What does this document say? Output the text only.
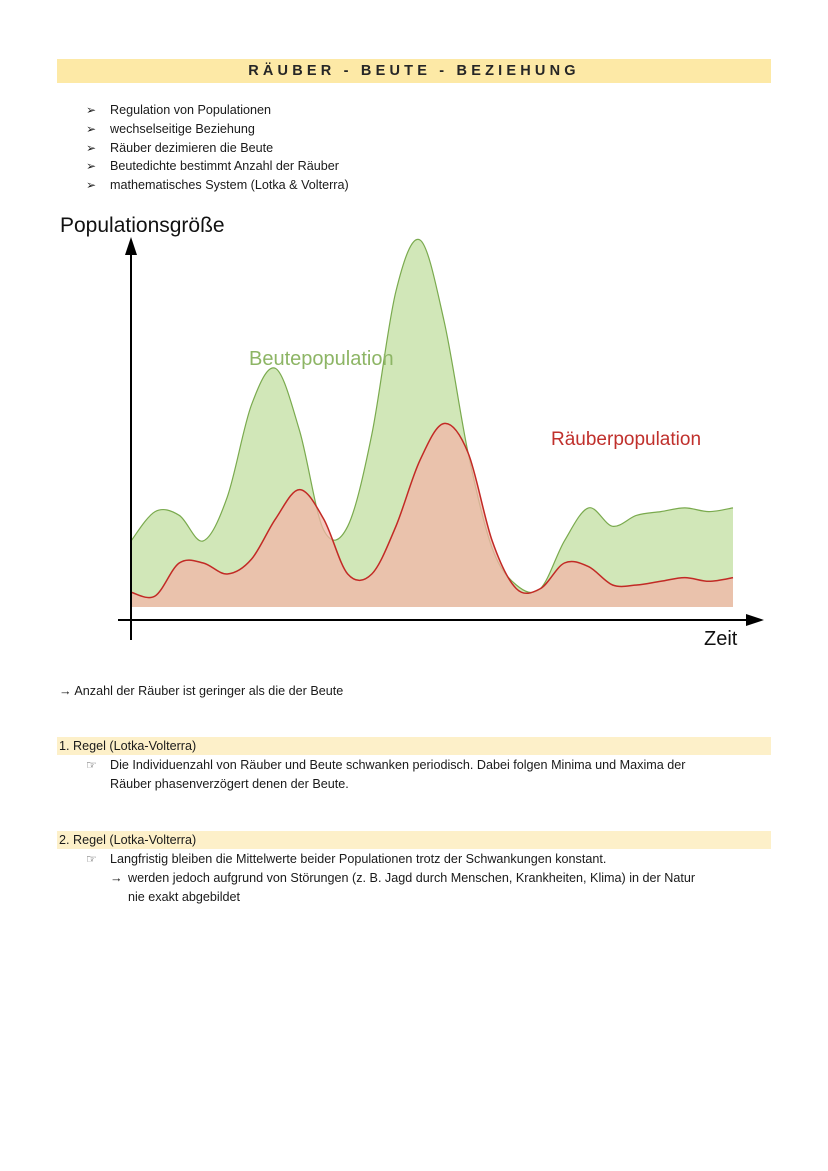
RÄUBER - BEUTE - BEZIEHUNG
➢ Regulation von Populationen
➢ wechselseitige Beziehung
➢ Räuber dezimieren die Beute
➢ Beutedichte bestimmt Anzahl der Räuber
➢ mathematisches System (Lotka & Volterra)
Populationsgröße
Zeit
Beutepopulation
Räuberpopulation
→ Anzahl der Räuber ist geringer als die der Beute
1. Regel (Lotka-Volterra)
☞ Die Individuenzahl von Räuber und Beute schwanken periodisch. Dabei folgen Minima und Maxima der
Räuber phasenverzögert denen der Beute.
2. Regel (Lotka-Volterra)
☞ Langfristig bleiben die Mittelwerte beider Populationen trotz der Schwankungen konstant.
→ werden jedoch aufgrund von Störungen (z. B. Jagd durch Menschen, Krankheiten, Klima) in der Natur
nie exakt abgebildet
